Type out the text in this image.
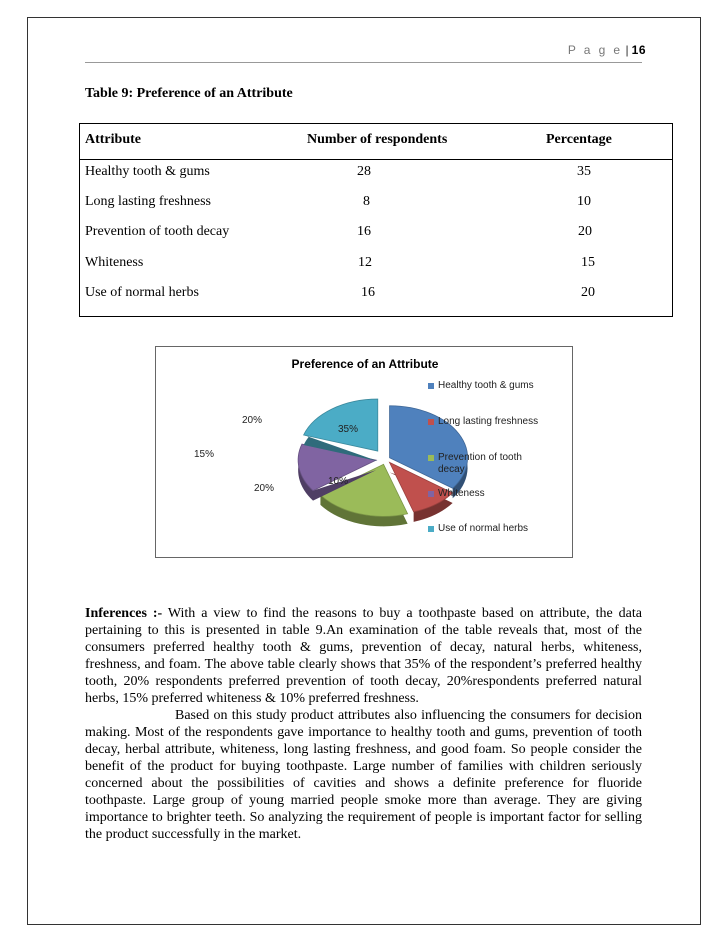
P a g e | 16
Table 9: Preference of an Attribute
Attribute	Number of respondents	Percentage
Healthy tooth & gums	28	35
Long lasting freshness	8	10
Prevention of tooth decay	16	20
Whiteness	12	15
Use of normal herbs	16	20
Preference of an Attribute
35%
10%
20%
15%
20%
Healthy tooth & gums
Long lasting freshness
Prevention of tooth
decay
Whiteness
Use of normal herbs

Inferences :- With a view to find the reasons to buy a toothpaste based on attribute, the data pertaining to this is presented in table 9.An examination of the table reveals that, most of the consumers preferred healthy tooth & gums, prevention of decay, natural herbs, whiteness, freshness, and foam. The above table clearly shows that 35% of the respondent’s preferred healthy tooth, 20% respondents preferred prevention of tooth decay, 20%respondents preferred natural herbs, 15% preferred whiteness & 10% preferred freshness.

Based on this study product attributes also influencing the consumers for decision making. Most of the respondents gave importance to healthy tooth and gums, prevention of tooth decay, herbal attribute, whiteness, long lasting freshness, and good foam. So people consider the benefit of the product for buying toothpaste. Large number of families with children seriously concerned about the possibilities of cavities and shows a definite preference for fluoride toothpaste. Large group of young married people smoke more than average. They are giving importance to brighter teeth. So analyzing the requirement of people is important factor for selling the product successfully in the market.
